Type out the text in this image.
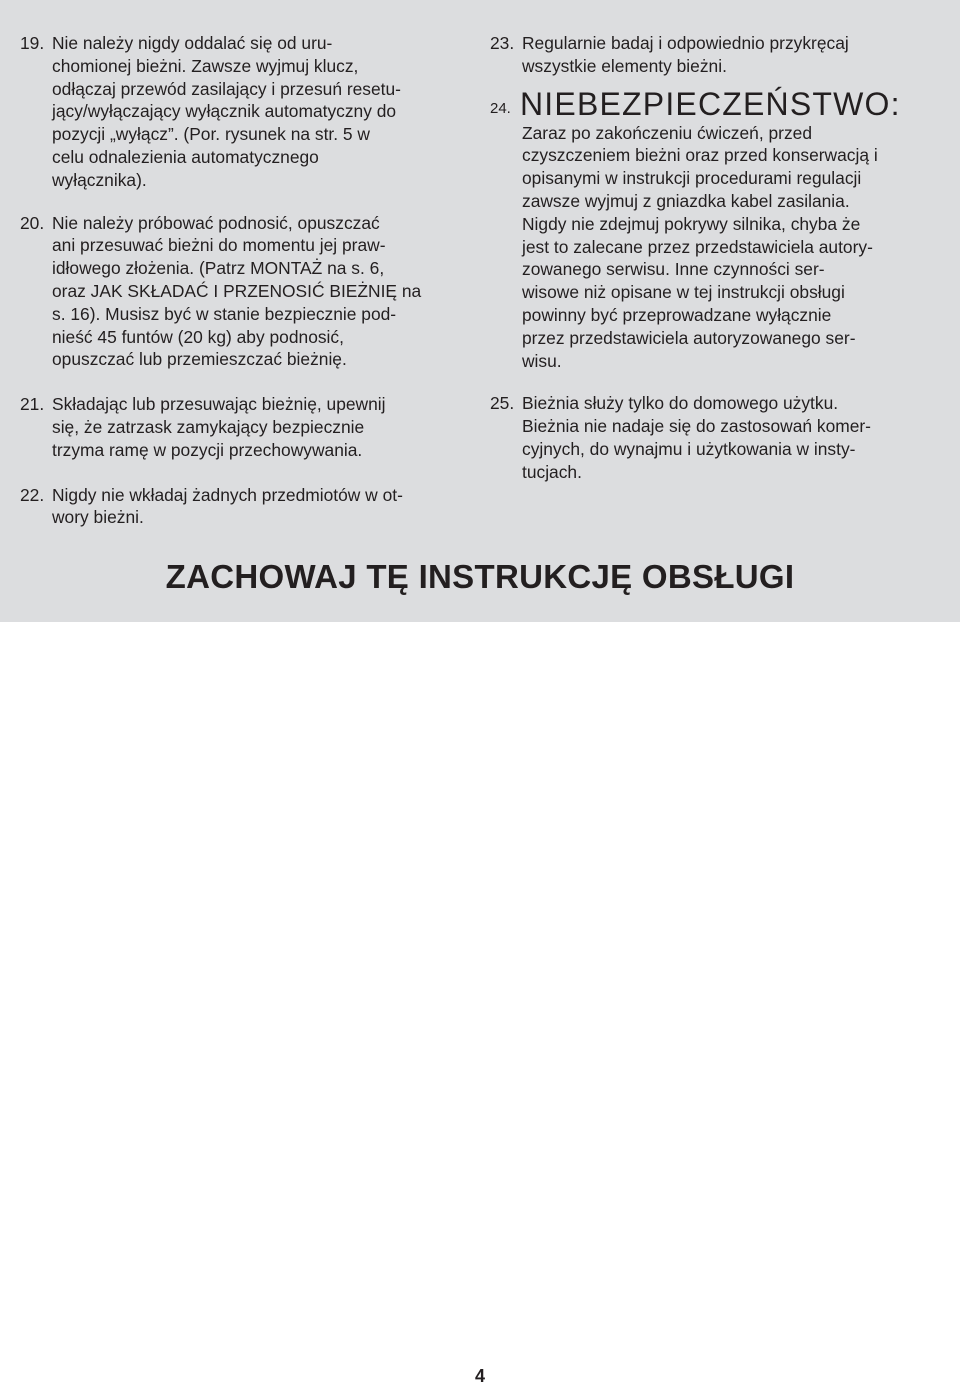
19. Nie należy nigdy oddalać się od uru-
chomionej bieżni. Zawsze wyjmuj klucz,
odłączaj przewód zasilający i przesuń resetu-
jący/wyłączający wyłącznik automatyczny do
pozycji „wyłącz”. (Por. rysunek na str. 5 w
celu odnalezienia automatycznego
wyłącznika).
20. Nie należy próbować podnosić, opuszczać
ani przesuwać bieżni do momentu jej praw-
idłowego złożenia. (Patrz MONTAŻ na s. 6,
oraz JAK SKŁADAĆ I PRZENOSIĆ BIEŻNIĘ na
s. 16). Musisz być w stanie bezpiecznie pod-
nieść 45 funtów (20 kg) aby podnosić,
opuszczać lub przemieszczać bieżnię.
21. Składając lub przesuwając bieżnię, upewnij
się, że zatrzask zamykający bezpiecznie
trzyma ramę w pozycji przechowywania.
22. Nigdy nie wkładaj żadnych przedmiotów w ot-
wory bieżni.
23. Regularnie badaj i odpowiednio przykręcaj
wszystkie elementy bieżni.
24. NIEBEZPIECZEŃSTWO:
Zaraz po zakończeniu ćwiczeń, przed
czyszczeniem bieżni oraz przed konserwacją i
opisanymi w instrukcji procedurami regulacji
zawsze wyjmuj z gniazdka kabel zasilania.
Nigdy nie zdejmuj pokrywy silnika, chyba że
jest to zalecane przez przedstawiciela autory-
zowanego serwisu. Inne czynności ser-
wisowe niż opisane w tej instrukcji obsługi
powinny być przeprowadzane wyłącznie
przez przedstawiciela autoryzowanego ser-
wisu.
25. Bieżnia służy tylko do domowego użytku.
Bieżnia nie nadaje się do zastosowań komer-
cyjnych, do wynajmu i użytkowania w insty-
tucjach.
ZACHOWAJ TĘ INSTRUKCJĘ OBSŁUGI
4
